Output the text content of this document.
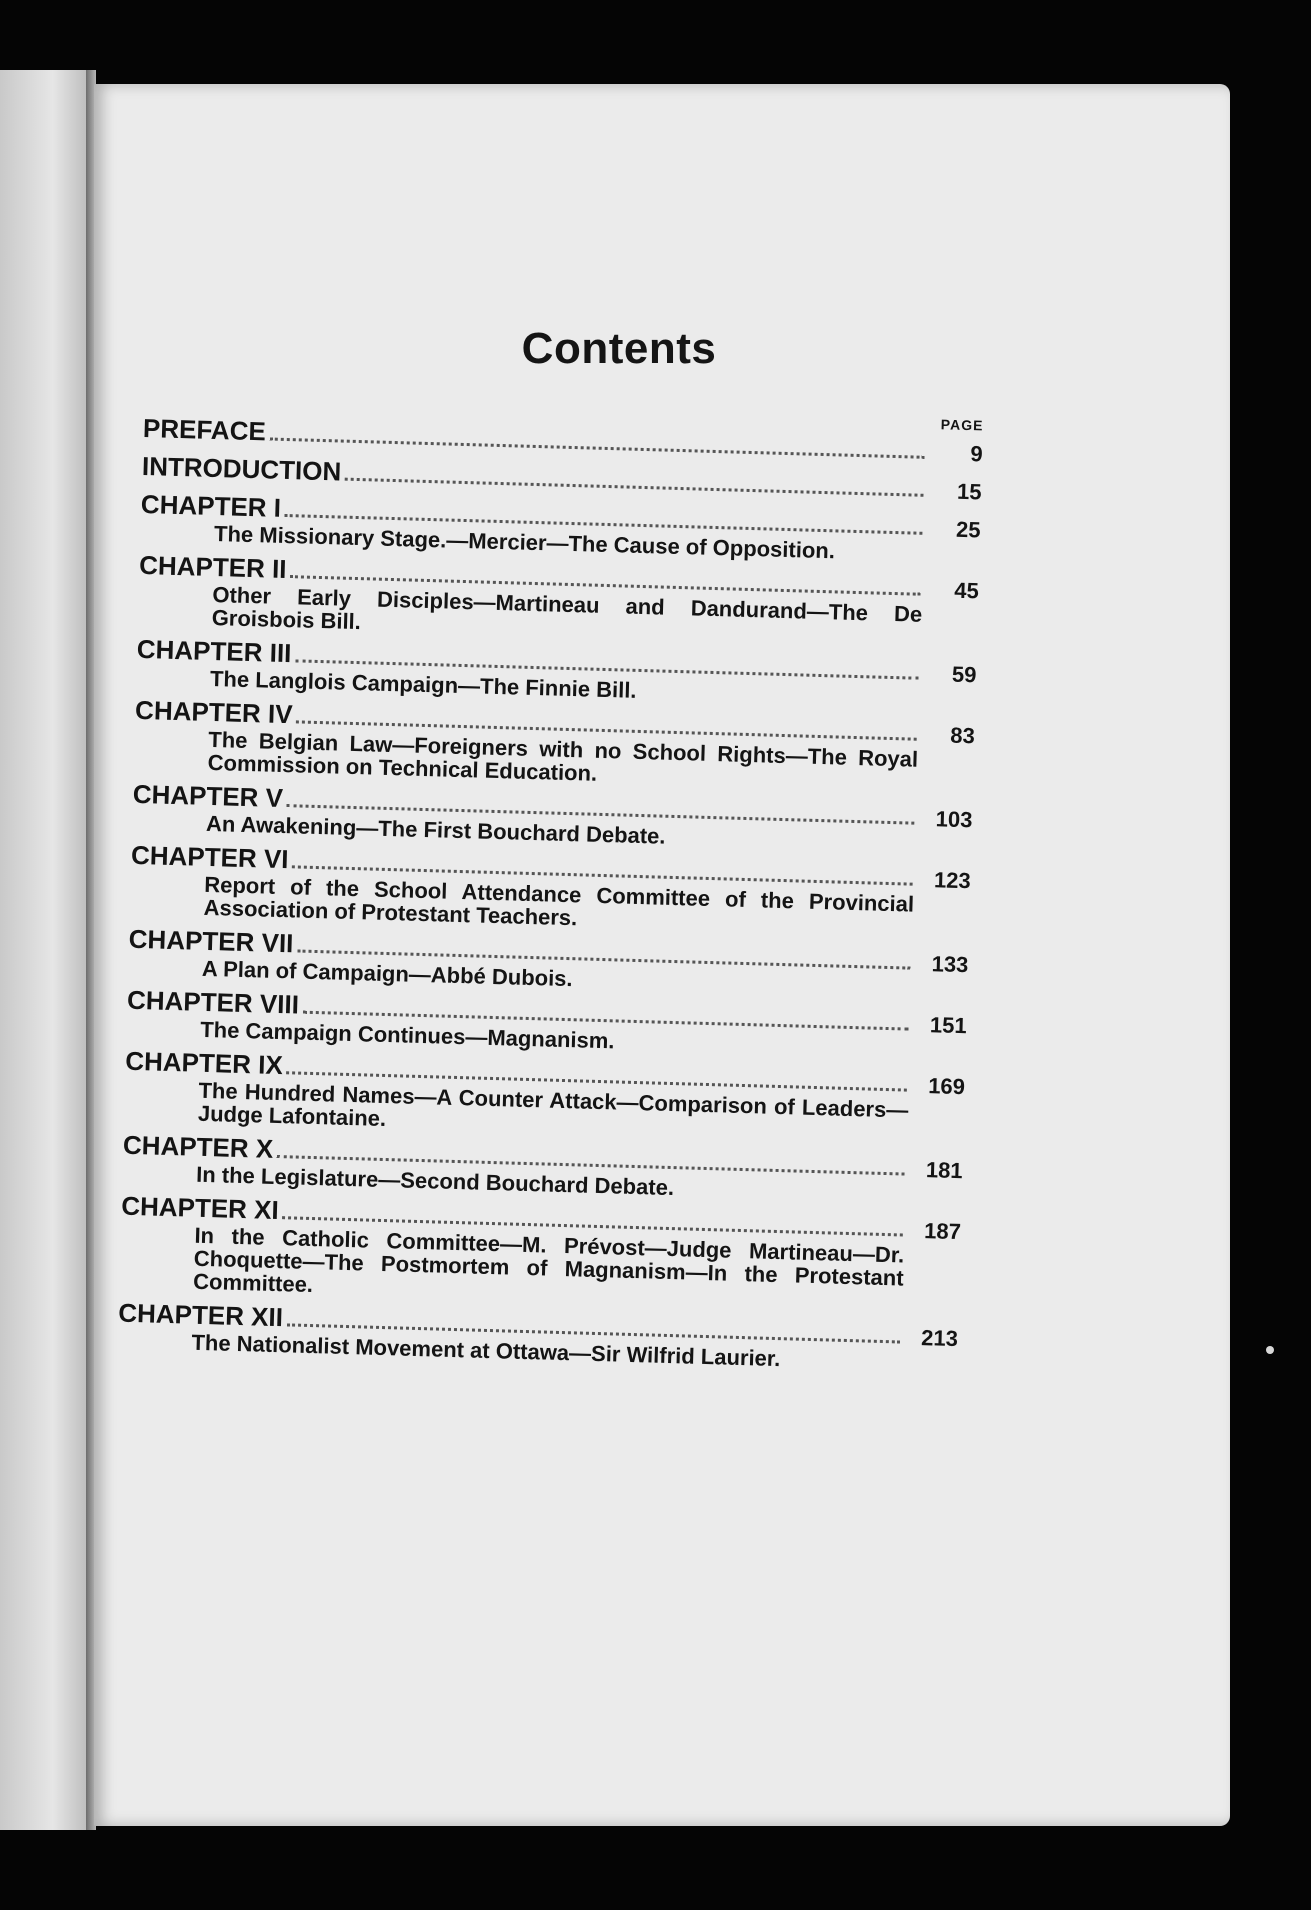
Contents
PAGE
PREFACE
9
INTRODUCTION
15
CHAPTER I
25
The Missionary Stage.—Mercier—The Cause of Opposition.
CHAPTER II
45
Other Early Disciples—Martineau and Dandurand—The De Groisbois Bill.
CHAPTER III
59
The Langlois Campaign—The Finnie Bill.
CHAPTER IV
83
The Belgian Law—Foreigners with no School Rights—The Royal Commission on Technical Education.
CHAPTER V
103
An Awakening—The First Bouchard Debate.
CHAPTER VI
123
Report of the School Attendance Committee of the Provincial Association of Protestant Teachers.
CHAPTER VII
133
A Plan of Campaign—Abbé Dubois.
CHAPTER VIII
151
The Campaign Continues—Magnanism.
CHAPTER IX
169
The Hundred Names—A Counter Attack—Comparison of Leaders—Judge Lafontaine.
CHAPTER X
181
In the Legislature—Second Bouchard Debate.
CHAPTER XI
187
In the Catholic Committee—M. Prévost—Judge Martineau—Dr. Choquette—The Postmortem of Magnanism—In the Protestant Committee.
CHAPTER XII
213
The Nationalist Movement at Ottawa—Sir Wilfrid Laurier.
